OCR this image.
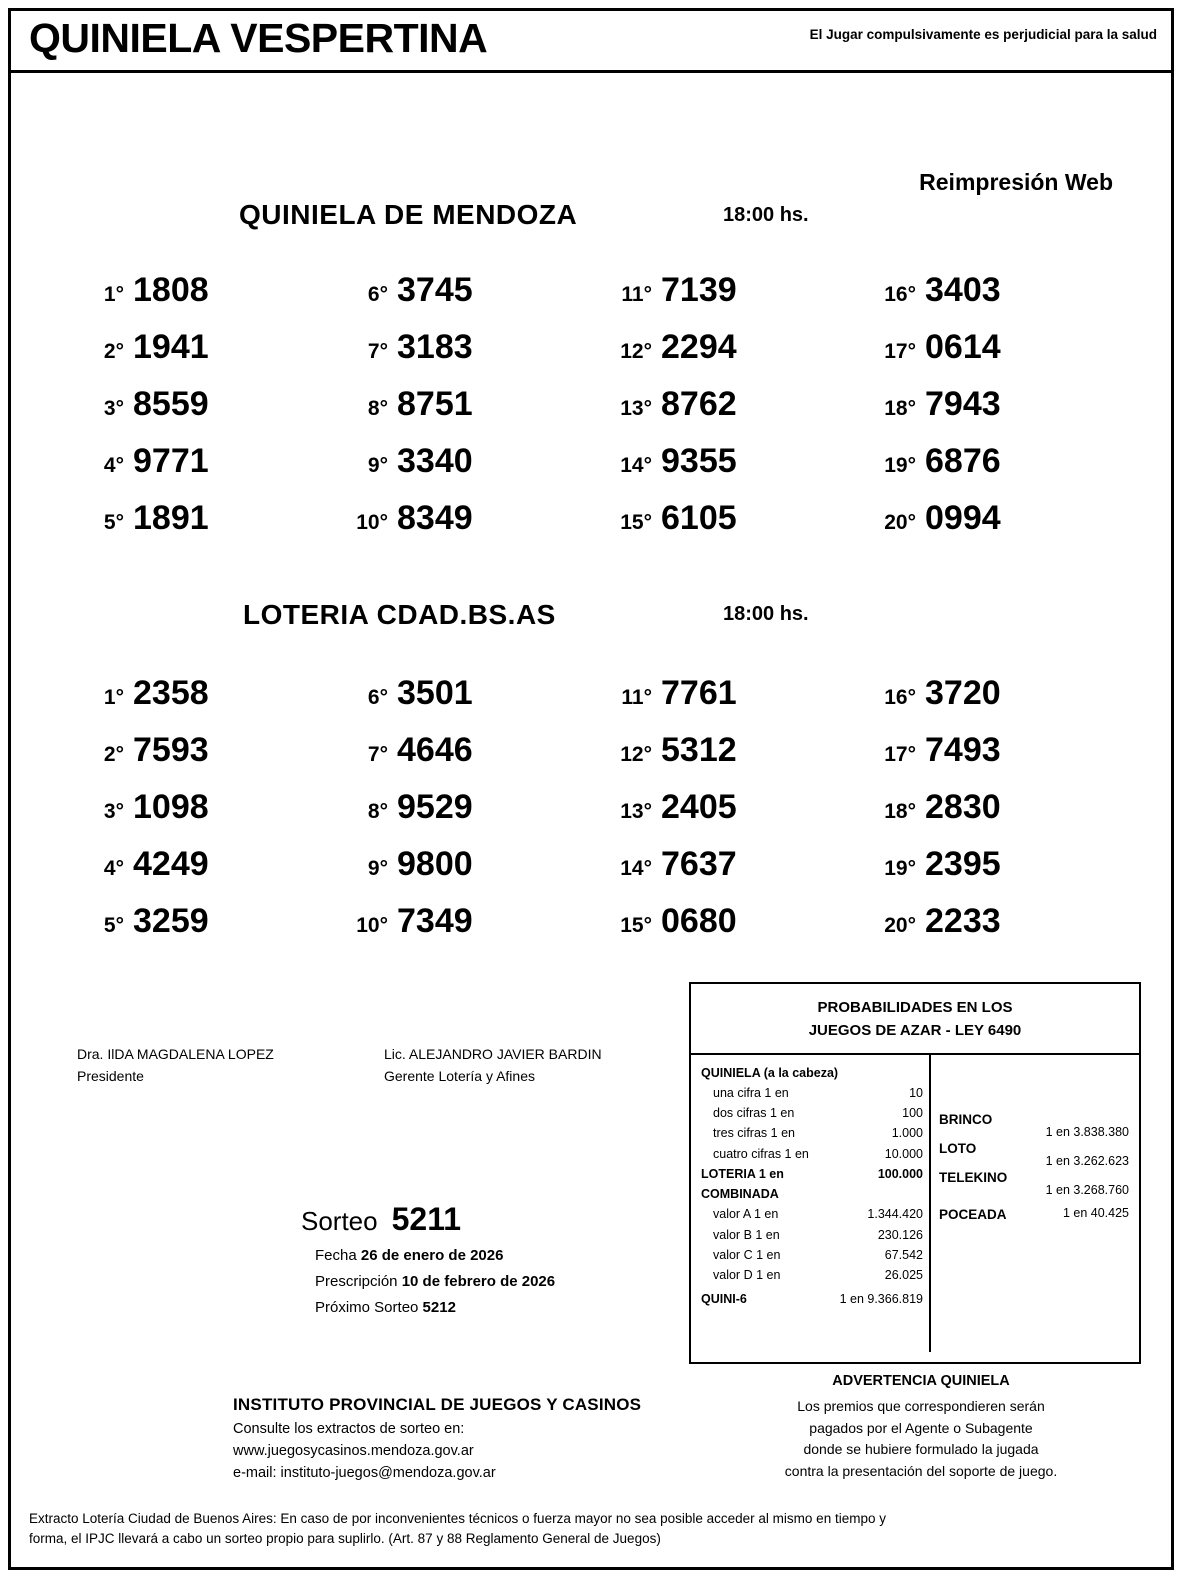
QUINIELA VESPERTINA	El Jugar compulsivamente es perjudicial para la salud
Reimpresión Web
QUINIELA DE MENDOZA	18:00 hs.
1° 1808
2° 1941
3° 8559
4° 9771
5° 1891
6° 3745
7° 3183
8° 8751
9° 3340
10° 8349
11° 7139
12° 2294
13° 8762
14° 9355
15° 6105
16° 3403
17° 0614
18° 7943
19° 6876
20° 0994
LOTERIA CDAD.BS.AS	18:00 hs.
1° 2358
2° 7593
3° 1098
4° 4249
5° 3259
6° 3501
7° 4646
8° 9529
9° 9800
10° 7349
11° 7761
12° 5312
13° 2405
14° 7637
15° 0680
16° 3720
17° 7493
18° 2830
19° 2395
20° 2233
Dra. IlDA MAGDALENA LOPEZ
Presidente
Lic. ALEJANDRO JAVIER BARDIN
Gerente Lotería y Afines
Sorteo 5211
Fecha 26 de enero de 2026
Prescripción 10 de febrero de 2026
Próximo Sorteo 5212
PROBABILIDADES EN LOS
JUEGOS DE AZAR - LEY 6490
QUINIELA (a la cabeza)
una cifra 1 en	10
dos cifras 1 en	100
tres cifras 1 en	1.000
cuatro cifras 1 en	10.000
LOTERIA 1 en	100.000
COMBINADA
valor A 1 en	1.344.420
valor B 1 en	230.126
valor C 1 en	67.542
valor D 1 en	26.025
QUINI-6	1 en 9.366.819
BRINCO
1 en 3.838.380
LOTO
1 en 3.262.623
TELEKINO
1 en 3.268.760
POCEADA	1 en 40.425
ADVERTENCIA QUINIELA
Los premios que correspondieren serán
pagados por el Agente o Subagente
donde se hubiere formulado la jugada
contra la presentación del soporte de juego.
INSTITUTO PROVINCIAL DE JUEGOS Y CASINOS
Consulte los extractos de sorteo en:
www.juegosycasinos.mendoza.gov.ar
e-mail: instituto-juegos@mendoza.gov.ar
Extracto Lotería Ciudad de Buenos Aires: En caso de por inconvenientes técnicos o fuerza mayor no sea posible acceder al mismo en tiempo y
forma, el IPJC llevará a cabo un sorteo propio para suplirlo. (Art. 87 y 88 Reglamento General de Juegos)
